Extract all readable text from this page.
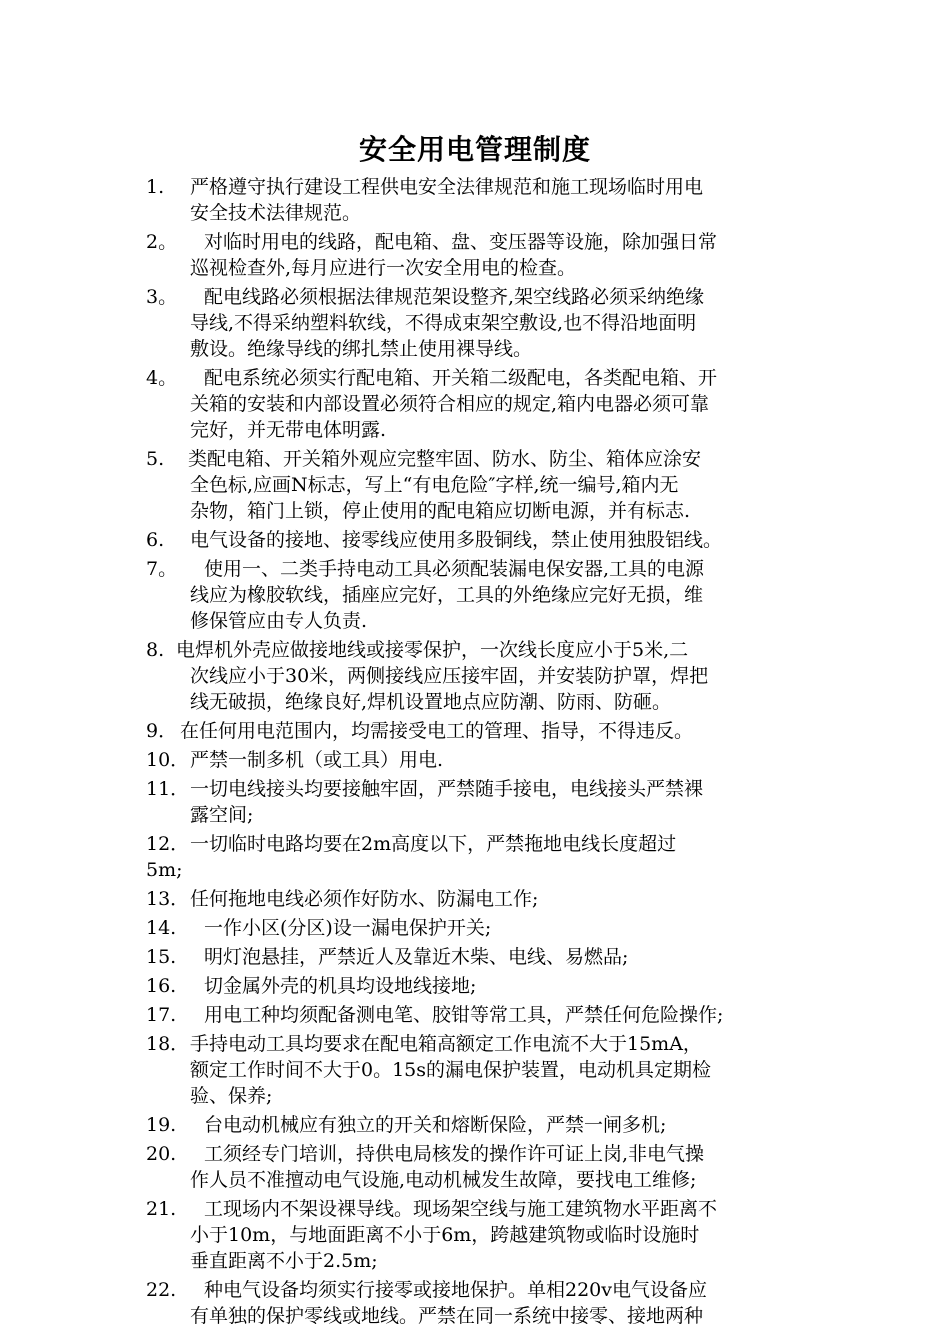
安全用电管理制度
1. 严格遵守执行建设工程供电安全法律规范和施工现场临时用电
安全技术法律规范。
2。 对临时用电的线路，配电箱、盘、变压器等设施，除加强日常
巡视检查外,每月应进行一次安全用电的检查。
3。 配电线路必须根据法律规范架设整齐,架空线路必须采纳绝缘
导线,不得采纳塑料软线，不得成束架空敷设,也不得沿地面明
敷设。绝缘导线的绑扎禁止使用裸导线。
4。 配电系统必须实行配电箱、开关箱二级配电，各类配电箱、开
关箱的安装和内部设置必须符合相应的规定,箱内电器必须可靠
完好，并无带电体明露.
5. 类配电箱、开关箱外观应完整牢固、防水、防尘、箱体应涂安
全色标,应画N标志，写上“有电危险″字样,统一编号,箱内无
杂物，箱门上锁，停止使用的配电箱应切断电源，并有标志.
6. 电气设备的接地、接零线应使用多股铜线，禁止使用独股铝线。
7。 使用一、二类手持电动工具必须配装漏电保安器,工具的电源
线应为橡胶软线，插座应完好，工具的外绝缘应完好无损，维
修保管应由专人负责.
8. 电焊机外壳应做接地线或接零保护，一次线长度应小于5米,二
次线应小于30米，两侧接线应压接牢固，并安装防护罩，焊把
线无破损，绝缘良好,焊机设置地点应防潮、防雨、防砸。
9． 在任何用电范围内，均需接受电工的管理、指导，不得违反。
10． 严禁一制多机（或工具）用电.
11． 一切电线接头均要接触牢固，严禁随手接电，电线接头严禁裸
露空间;
12． 一切临时电路均要在2m高度以下，严禁拖地电线长度超过
5m;
13． 任何拖地电线必须作好防水、防漏电工作;
14. 一作小区(分区)设一漏电保护开关;
15. 明灯泡悬挂，严禁近人及靠近木柴、电线、易燃品;
16. 切金属外壳的机具均设地线接地;
17. 用电工种均须配备测电笔、胶钳等常工具，严禁任何危险操作;
18． 手持电动工具均要求在配电箱高额定工作电流不大于15mA，
额定工作时间不大于0。15s的漏电保护装置，电动机具定期检
验、保养;
19. 台电动机械应有独立的开关和熔断保险，严禁一闸多机;
20. 工须经专门培训，持供电局核发的操作许可证上岗,非电气操
作人员不准擅动电气设施,电动机械发生故障，要找电工维修;
21. 工现场内不架设裸导线。现场架空线与施工建筑物水平距离不
小于10m，与地面距离不小于6m，跨越建筑物或临时设施时
垂直距离不小于2.5m;
22. 种电气设备均须实行接零或接地保护。单相220v电气设备应
有单独的保护零线或地线。严禁在同一系统中接零、接地两种
